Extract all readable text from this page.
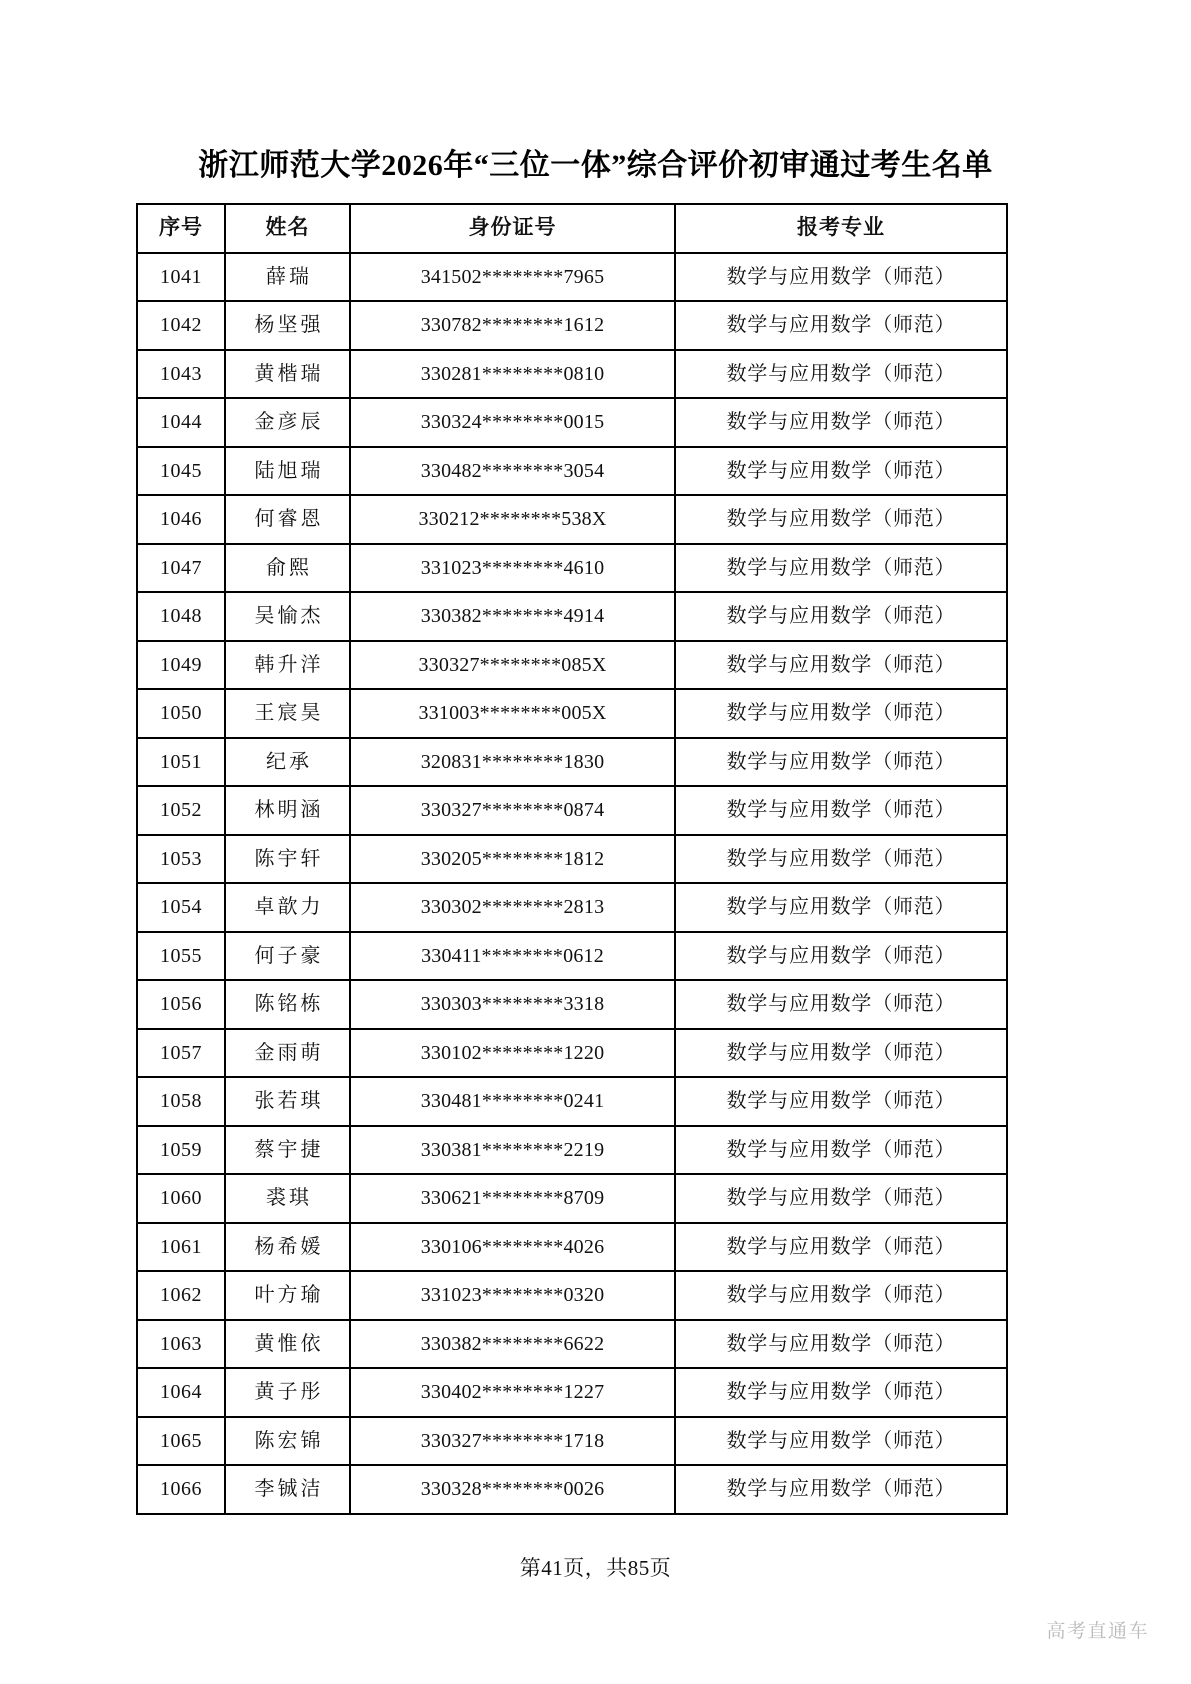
浙江师范大学2026年“三位一体”综合评价初审通过考生名单
序号	姓名	身份证号	报考专业
1041	薛瑞	341502********7965	数学与应用数学（师范）
1042	杨坚强	330782********1612	数学与应用数学（师范）
1043	黄楷瑞	330281********0810	数学与应用数学（师范）
1044	金彦辰	330324********0015	数学与应用数学（师范）
1045	陆旭瑞	330482********3054	数学与应用数学（师范）
1046	何睿恩	330212********538X	数学与应用数学（师范）
1047	俞熙	331023********4610	数学与应用数学（师范）
1048	吴愉杰	330382********4914	数学与应用数学（师范）
1049	韩升洋	330327********085X	数学与应用数学（师范）
1050	王宸昊	331003********005X	数学与应用数学（师范）
1051	纪承	320831********1830	数学与应用数学（师范）
1052	林明涵	330327********0874	数学与应用数学（师范）
1053	陈宇轩	330205********1812	数学与应用数学（师范）
1054	卓歆力	330302********2813	数学与应用数学（师范）
1055	何子豪	330411********0612	数学与应用数学（师范）
1056	陈铭栋	330303********3318	数学与应用数学（师范）
1057	金雨萌	330102********1220	数学与应用数学（师范）
1058	张若琪	330481********0241	数学与应用数学（师范）
1059	蔡宇捷	330381********2219	数学与应用数学（师范）
1060	裘琪	330621********8709	数学与应用数学（师范）
1061	杨希媛	330106********4026	数学与应用数学（师范）
1062	叶方瑜	331023********0320	数学与应用数学（师范）
1063	黄惟依	330382********6622	数学与应用数学（师范）
1064	黄子彤	330402********1227	数学与应用数学（师范）
1065	陈宏锦	330327********1718	数学与应用数学（师范）
1066	李铖洁	330328********0026	数学与应用数学（师范）
第41页，共85页
高考直通车
